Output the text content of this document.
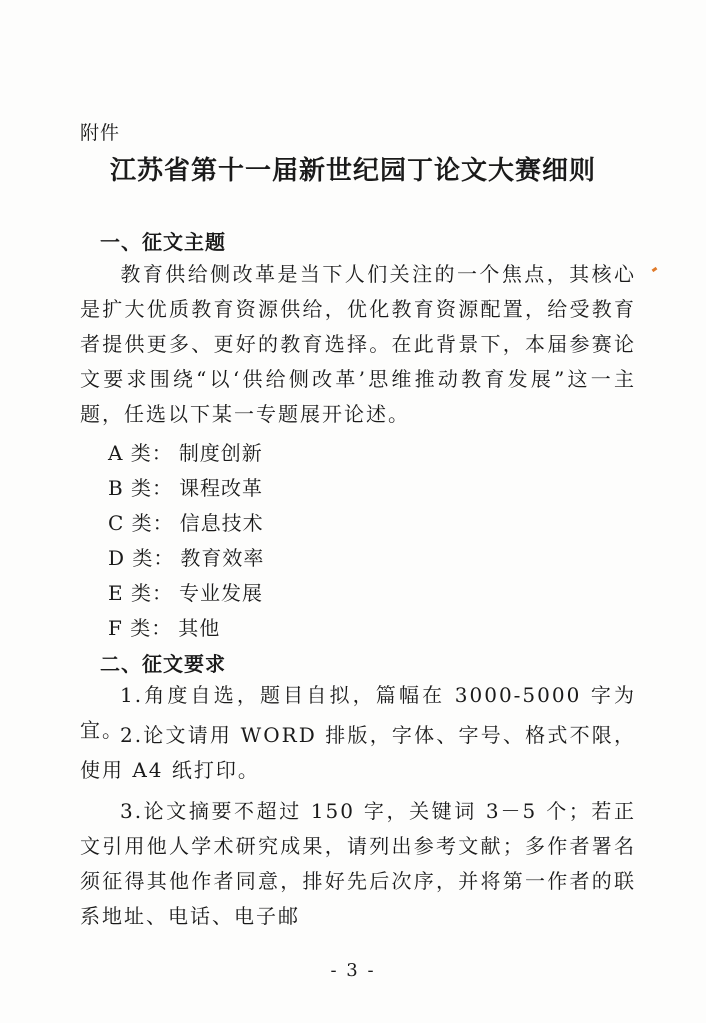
附件
江苏省第十一届新世纪园丁论文大赛细则
一、征文主题
教育供给侧改革是当下人们关注的一个焦点，其核心是扩大优质教育资源供给，优化教育资源配置，给受教育者提供更多、更好的教育选择。在此背景下，本届参赛论文要求围绕“以‘供给侧改革’思维推动教育发展”这一主题，任选以下某一专题展开论述。
A 类： 制度创新
B 类： 课程改革
C 类： 信息技术
D 类： 教育效率
E 类： 专业发展
F 类： 其他
二、征文要求
1.角度自选，题目自拟，篇幅在 3000-5000 字为宜。
2.论文请用 WORD 排版，字体、字号、格式不限，使用 A4 纸打印。
3.论文摘要不超过 150 字，关键词 3－5 个；若正文引用他人学术研究成果，请列出参考文献；多作者署名须征得其他作者同意，排好先后次序，并将第一作者的联系地址、电话、电子邮
- 3 -
